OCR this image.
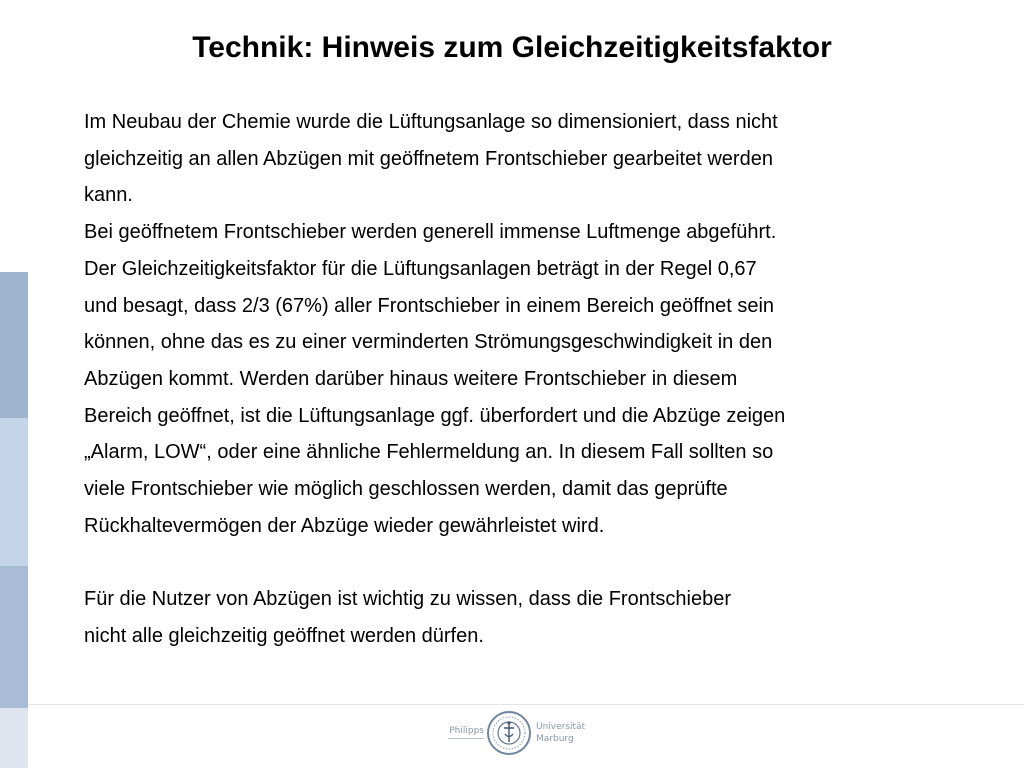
Technik: Hinweis zum Gleichzeitigkeitsfaktor
Im Neubau der Chemie wurde die Lüftungsanlage so dimensioniert, dass nicht
gleichzeitig an allen Abzügen mit geöffnetem Frontschieber gearbeitet werden
kann.
Bei geöffnetem Frontschieber werden generell immense Luftmenge abgeführt.
Der Gleichzeitigkeitsfaktor für die Lüftungsanlagen beträgt in der Regel 0,67
und besagt, dass 2/3 (67%) aller Frontschieber in einem Bereich geöffnet sein
können, ohne das es zu einer verminderten Strömungsgeschwindigkeit in den
Abzügen kommt. Werden darüber hinaus weitere Frontschieber in diesem
Bereich geöffnet, ist die Lüftungsanlage ggf. überfordert und die Abzüge zeigen
„Alarm, LOW“, oder eine ähnliche Fehlermeldung an. In diesem Fall sollten so
viele Frontschieber wie möglich geschlossen werden, damit das geprüfte
Rückhaltevermögen der Abzüge wieder gewährleistet wird.
Für die Nutzer von Abzügen ist wichtig zu wissen, dass die Frontschieber
nicht alle gleichzeitig geöffnet werden dürfen.
Philipps	Universität
Marburg
